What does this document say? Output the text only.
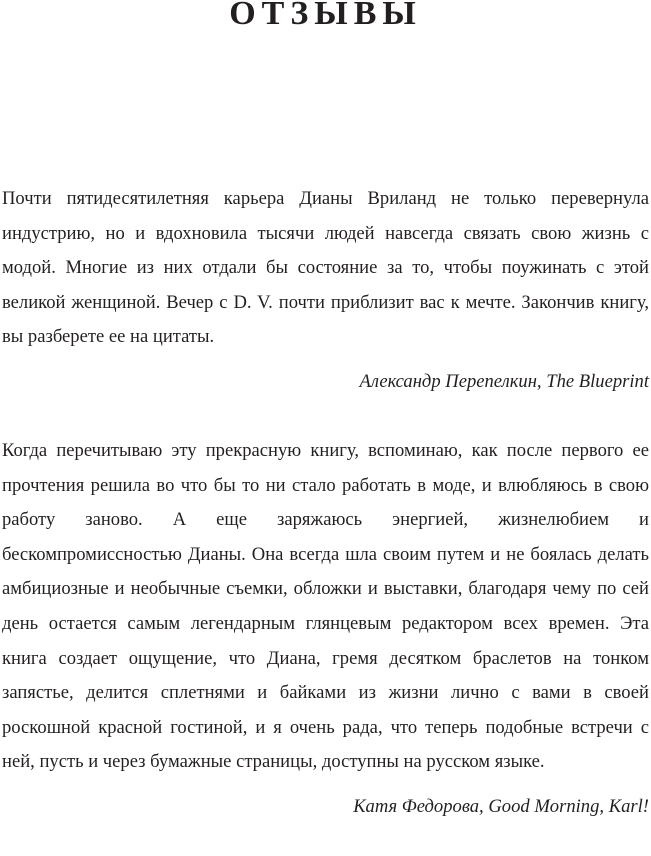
ОТЗЫВЫ

Почти пятидесятилетняя карьера Дианы Вриланд не только перевернула индустрию, но и вдохновила тысячи людей навсегда связать свою жизнь с модой. Многие из них отдали бы состояние за то, чтобы поужинать с этой великой женщиной. Вечер с D. V. почти приблизит вас к мечте. Закончив книгу, вы разберете ее на цитаты.

Александр Перепелкин, The Blueprint

Когда перечитываю эту прекрасную книгу, вспоминаю, как после первого ее прочтения решила во что бы то ни стало работать в моде, и влюбляюсь в свою работу заново. А еще заряжаюсь энергией, жизнелюбием и бескомпромиссностью Дианы. Она всегда шла своим путем и не боялась делать амбициозные и необычные съемки, обложки и выставки, благодаря чему по сей день остается самым легендарным глянцевым редактором всех времен. Эта книга создает ощущение, что Диана, гремя десятком браслетов на тонком запястье, делится сплетнями и байками из жизни лично с вами в своей роскошной красной гостиной, и я очень рада, что теперь подобные встречи с ней, пусть и через бумажные страницы, доступны на русском языке.

Катя Федорова, Good Morning, Karl!
